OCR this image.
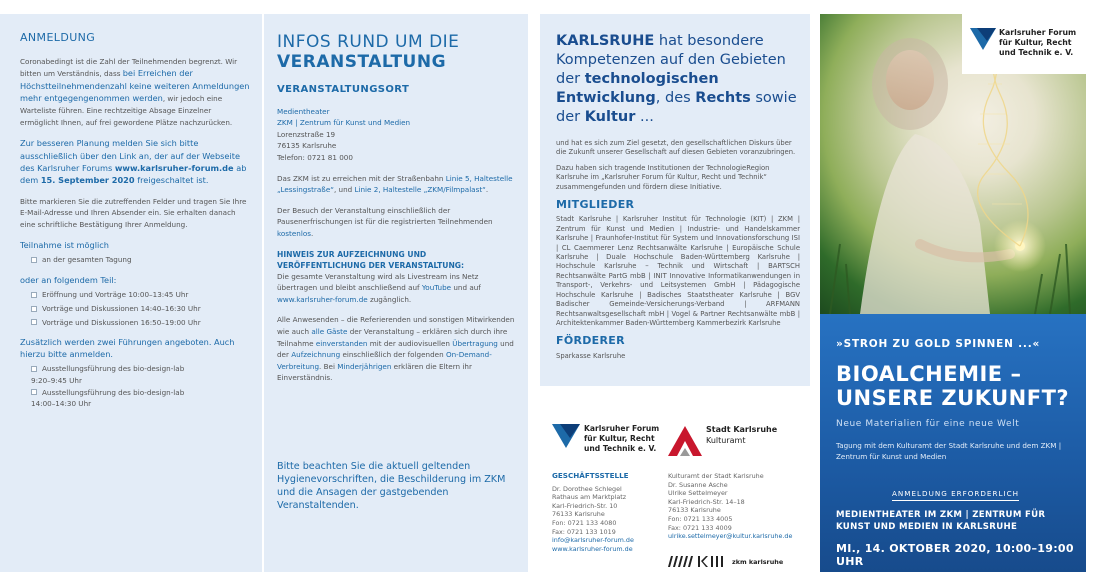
ANMELDUNG

Coronabedingt ist die Zahl der Teilnehmenden begrenzt. Wir bitten um Verständnis, dass bei Erreichen der Höchstteilnehmendenzahl keine weiteren Anmeldungen mehr entgegengenommen werden, wir jedoch eine Warteliste führen. Eine rechtzeitige Absage Einzelner ermöglicht Ihnen, auf frei gewordene Plätze nachzurücken.

Zur besseren Planung melden Sie sich bitte ausschließlich über den Link an, der auf der Webseite des Karlsruher Forums www.karlsruher-forum.de ab dem 15. September 2020 freigeschaltet ist.

Bitte markieren Sie die zutreffenden Felder und tragen Sie Ihre E-Mail-Adresse und Ihren Absender ein. Sie erhalten danach eine schriftliche Bestätigung Ihrer Anmeldung.

Teilnahme ist möglich
an der gesamten Tagung
oder an folgendem Teil:
Eröffnung und Vorträge 10:00–13:45 Uhr
Vorträge und Diskussionen 14:40–16:30 Uhr
Vorträge und Diskussionen 16:50–19:00 Uhr
Zusätzlich werden zwei Führungen angeboten. Auch hierzu bitte anmelden.
Ausstellungsführung des bio-design-lab
9:20–9:45 Uhr
Ausstellungsführung des bio-design-lab
14:00–14:30 Uhr
INFOS RUND UM DIE
VERANSTALTUNG
VERANSTALTUNGSORT

Medientheater
ZKM | Zentrum für Kunst und Medien
Lorenzstraße 19
76135 Karlsruhe
Telefon: 0721 81 000

Das ZKM ist zu erreichen mit der Straßenbahn Linie 5, Haltestelle „Lessingstraße“, und Linie 2, Haltestelle „ZKM/Filmpalast“.

Der Besuch der Veranstaltung einschließlich der Pausenerfrischungen ist für die registrierten Teilnehmenden kostenlos.

HINWEIS ZUR AUFZEICHNUNG UND VERÖFFENTLICHUNG DER VERANSTALTUNG:

Die gesamte Veranstaltung wird als Livestream ins Netz übertragen und bleibt anschließend auf YouTube und auf www.karlsruher-forum.de zugänglich.

Alle Anwesenden – die Referierenden und sonstigen Mitwirkenden wie auch alle Gäste der Veranstaltung – erklären sich durch ihre Teilnahme einverstanden mit der audiovisuellen Übertragung und der Aufzeichnung einschließlich der folgenden On-Demand-Verbreitung. Bei Minderjährigen erklären die Eltern ihr Einverständnis.

Bitte beachten Sie die aktuell geltenden Hygienevorschriften, die Beschilderung im ZKM und die Ansagen der gastgebenden Veranstaltenden.
KARLSRUHE hat besondere Kompetenzen auf den Gebieten der technologischen Entwicklung, des Rechts sowie der Kultur ...

und hat es sich zum Ziel gesetzt, den gesellschaftlichen Diskurs über die Zukunft unserer Gesellschaft auf diesen Gebieten voranzubringen.

Dazu haben sich tragende Institutionen der TechnologieRegion Karlsruhe im „Karlsruher Forum für Kultur, Recht und Technik“ zusammengefunden und fördern diese Initiative.

MITGLIEDER

Stadt Karlsruhe | Karlsruher Institut für Technologie (KIT) | ZKM | Zentrum für Kunst und Medien | Industrie- und Handelskammer Karlsruhe | Fraunhofer-Institut für System und Innovationsforschung ISI | CL Caemmerer Lenz Rechtsanwälte Karlsruhe | Europäische Schule Karlsruhe | Duale Hochschule Baden-Württemberg Karlsruhe | Hochschule Karlsruhe – Technik und Wirtschaft | BARTSCH Rechtsanwälte PartG mbB | INIT Innovative Informatikanwendungen in Transport-, Verkehrs- und Leitsystemen GmbH | Pädagogische Hochschule Karlsruhe | Badisches Staatstheater Karlsruhe | BGV Badischer Gemeinde-Versicherungs-Verband | ARFMANN Rechtsanwaltsgesellschaft mbH | Vogel & Partner Rechtsanwälte mbB | Architektenkammer Baden-Württemberg Kammerbezirk Karlsruhe

FÖRDERER

Sparkasse Karlsruhe

Karlsruher Forum
für Kultur, Recht
und Technik e. V.
Stadt Karlsruhe
Kulturamt
GESCHÄFTSSTELLE
Dr. Dorothee Schlegel
Rathaus am Marktplatz
Karl-Friedrich-Str. 10
76133 Karlsruhe
Fon: 0721 133 4080
Fax: 0721 133 1019
info@karlsruher-forum.de
www.karlsruher-forum.de
Kulturamt der Stadt Karlsruhe
Dr. Susanne Asche
Ulrike Settelmeyer
Karl-Friedrich-Str. 14–18
76133 Karlsruhe
Fon: 0721 133 4005
Fax: 0721 133 4009
ulrike.settelmeyer@kultur.karlsruhe.de
zkm karlsruhe
Karlsruher Forum
für Kultur, Recht
und Technik e. V.
»STROH ZU GOLD SPINNEN ...«
BIOALCHEMIE –
UNSERE ZUKUNFT?
Neue Materialien für eine neue Welt
Tagung mit dem Kulturamt der Stadt Karlsruhe und dem ZKM | Zentrum für Kunst und Medien
ANMELDUNG ERFORDERLICH
MEDIENTHEATER IM ZKM | ZENTRUM FÜR KUNST UND MEDIEN IN KARLSRUHE
MI., 14. OKTOBER 2020, 10:00–19:00 UHR
